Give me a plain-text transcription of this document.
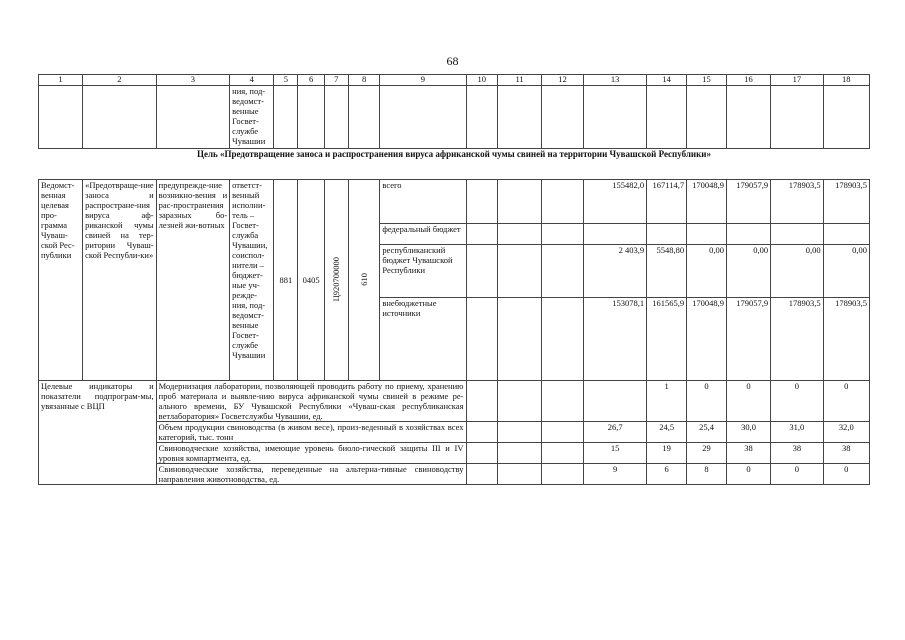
68
1	2	3	4	5	6	7	8	9	10	11	12	13	14	15	16	17	18
			ния, под-ведомст-венные Госвет-службе Чувашии														
Цель «Предотвращение заноса и распространения вируса африканской чумы свиней на территории Чувашской Республики»																	
Ведомст-венная целевая про-грамма Чуваш-ской Рес-публики	«Предотвраще-ние заноса и распростране-ния вируса аф-риканской чумы свиней на тер-ритории Чуваш-ской Республи-ки»	предупрежде-ние возникно-вения и рас-пространения заразных бо-лезней жи-вотных	ответст-венный исполни-тель – Госвет-служба Чувашии, соиспол-нители – бюджет-ные уч-режде-ния, под-ведомст-венные Госвет-службе Чувашии	881	0405	Ц920700000	610	всего				155482,0	167114,7	170048,9	179057,9	178903,5	178903,5
								федеральный бюджет									
								республиканский бюджет Чувашской Республики				2 403,9	5548,80	0,00	0,00	0,00	0,00
								внебюджетные источники				153078,1	161565,9	170048,9	179057,9	178903,5	178903,5
Целевые индикаторы и показатели подпрограм-мы, увязанные с ВЦП		Модернизация лаборатории, позволяющей проводить работу по приему, хранению проб материала и выявле-нию вируса африканской чумы свиней в режиме ре-ального времени, БУ Чувашской Республики «Чуваш-ская республиканская ветлаборатория» Госветслужбы Чувашии, ед.											1	0	0	0	0
		Объем продукции свиноводства (в живом весе), произ-веденный в хозяйствах всех категорий, тыс. тонн										26,7	24,5	25,4	30,0	31,0	32,0
		Свиноводческие хозяйства, имеющие уровень биоло-гической защиты III и IV уровня компартмента, ед.										15	19	29	38	38	38
		Свиноводческие хозяйства, переведенные на альтерна-тивные свиноводству направления животноводства, ед.										9	6	8	0	0	0
